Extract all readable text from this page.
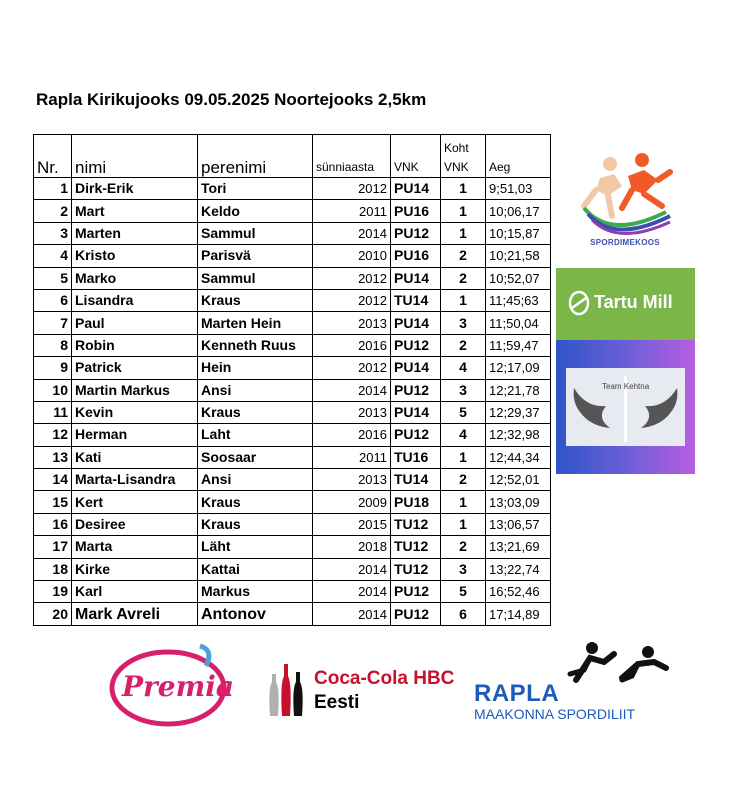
Rapla Kirikujooks 09.05.2025 Noortejooks 2,5km
Nr.	nimi	perenimi	sünniaasta	VNK	Koht VNK	Aeg
1	Dirk-Erik	Tori	2012	PU14	1	9;51,03
2	Mart	Keldo	2011	PU16	1	10;06,17
3	Marten	Sammul	2014	PU12	1	10;15,87
4	Kristo	Parisvä	2010	PU16	2	10;21,58
5	Marko	Sammul	2012	PU14	2	10;52,07
6	Lisandra	Kraus	2012	TU14	1	11;45;63
7	Paul	Marten Hein	2013	PU14	3	11;50,04
8	Robin	Kenneth Ruus	2016	PU12	2	11;59,47
9	Patrick	Hein	2012	PU14	4	12;17,09
10	Martin Markus	Ansi	2014	PU12	3	12;21,78
11	Kevin	Kraus	2013	PU14	5	12;29,37
12	Herman	Laht	2016	PU12	4	12;32,98
13	Kati	Soosaar	2011	TU16	1	12;44,34
14	Marta-Lisandra	Ansi	2013	TU14	2	12;52,01
15	Kert	Kraus	2009	PU18	1	13;03,09
16	Desiree	Kraus	2015	TU12	1	13;06,57
17	Marta	Läht	2018	TU12	2	13;21,69
18	Kirke	Kattai	2014	TU12	3	13;22,74
19	Karl	Markus	2014	PU12	5	16;52,46
20	Mark Avreli	Antonov	2014	PU12	6	17;14,89
SPORDIMEKOOS
Tartu Mill
Team Kehtna
Premia	Coca-Cola HBC
Eesti	RAPLA
MAAKONNA SPORDILIIT
